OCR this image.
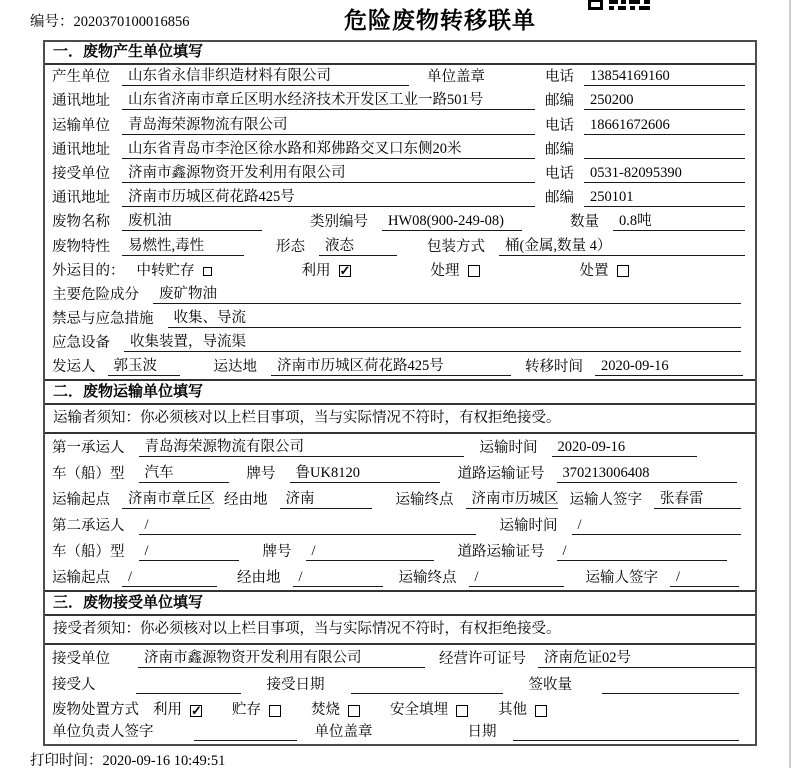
编号：2020370100016856	危险废物转移联单
一．废物产生单位填写
产生单位	山东省永信非织造材料有限公司	单位盖章	电话	13854169160
通讯地址	山东省济南市章丘区明水经济技术开发区工业一路501号	邮编	250200
运输单位	青岛海荣源物流有限公司	电话	18661672606
通讯地址	山东省青岛市李沧区徐水路和郑佛路交叉口东侧20米	邮编
接受单位	济南市鑫源物资开发利用有限公司	电话	0531-82095390
通讯地址	济南市历城区荷花路425号	邮编	250101
废物名称	废机油	类别编号	HW08(900-249-08)	数量	0.8吨
废物特性	易燃性,毒性	形态	液态	包装方式	桶(金属,数量 4）
外运目的： 中转贮存	利用 ✓	处理	处置
主要危险成分	废矿物油
禁忌与应急措施	收集、导流
应急设备	收集装置，导流渠
发运人	郭玉波	运达地	济南市历城区荷花路425号	转移时间	2020-09-16
二．废物运输单位填写
运输者须知：你必须核对以上栏目事项，当与实际情况不符时，有权拒绝接受。
第一承运人	青岛海荣源物流有限公司	运输时间	2020-09-16
车（船）型	汽车	牌号	鲁UK8120	道路运输证号	370213006408
运输起点	济南市章丘区 经由地	济南	运输终点	济南市历城区 运输人签字	张春雷
第二承运人	/	运输时间	/
车（船）型	/	牌号	/	道路运输证号	/
运输起点	/	经由地	/	运输终点	/	运输人签字	/
三．废物接受单位填写
接受者须知：你必须核对以上栏目事项，当与实际情况不符时，有权拒绝接受。
接受单位	济南市鑫源物资开发利用有限公司	经营许可证号	济南危证02号
接受人	接受日期	签收量
废物处置方式 利用 ✓	贮存	焚烧	安全填埋	其他
单位负责人签字	单位盖章	日期
打印时间：2020-09-16 10:49:51
